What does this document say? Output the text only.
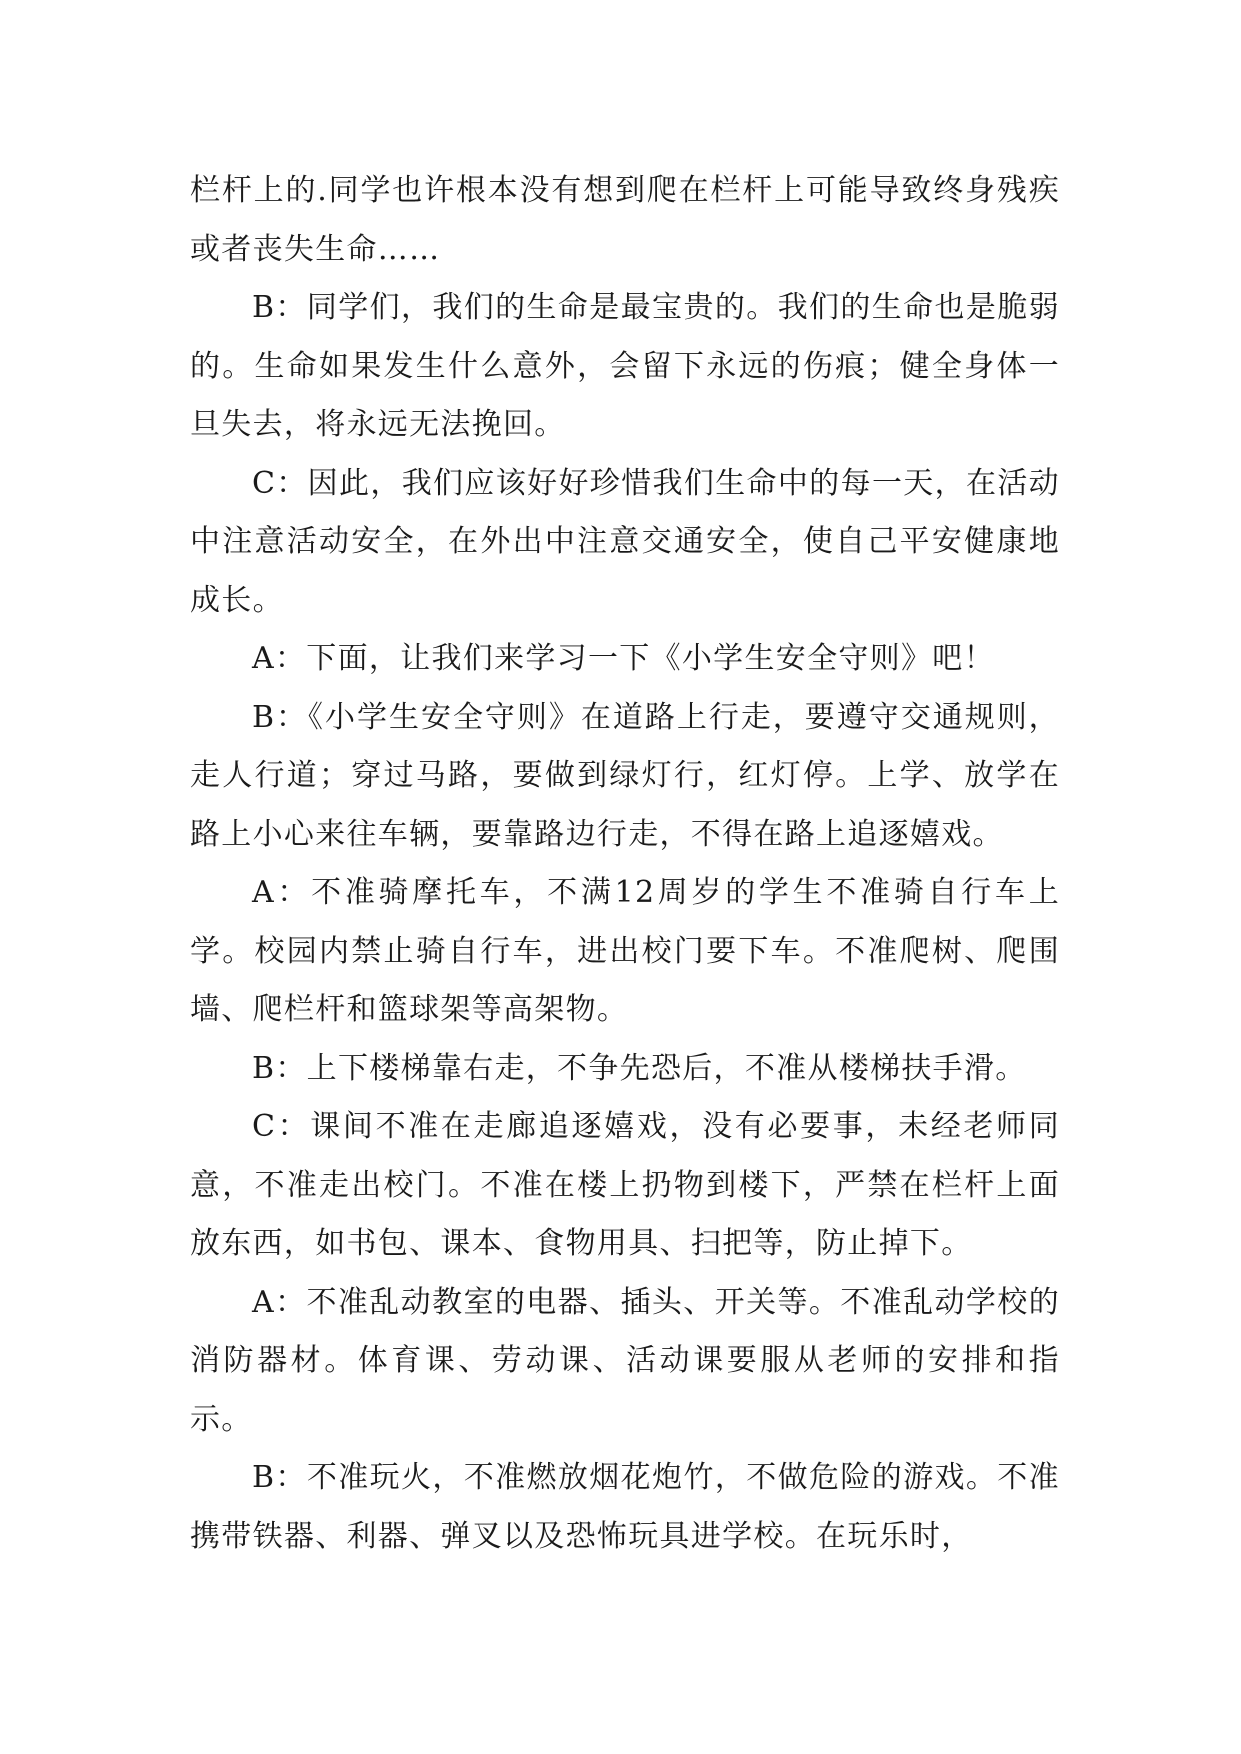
栏杆上的.同学也许根本没有想到爬在栏杆上可能导致终身残疾或者丧失生命……

B：同学们，我们的生命是最宝贵的。我们的生命也是脆弱的。生命如果发生什么意外，会留下永远的伤痕；健全身体一旦失去，将永远无法挽回。

C：因此，我们应该好好珍惜我们生命中的每一天，在活动中注意活动安全，在外出中注意交通安全，使自己平安健康地成长。

A：下面，让我们来学习一下《小学生安全守则》吧！

B：《小学生安全守则》在道路上行走，要遵守交通规则，走人行道；穿过马路，要做到绿灯行，红灯停。上学、放学在路上小心来往车辆，要靠路边行走，不得在路上追逐嬉戏。

A：不准骑摩托车，不满12周岁的学生不准骑自行车上学。校园内禁止骑自行车，进出校门要下车。不准爬树、爬围墙、爬栏杆和篮球架等高架物。

B：上下楼梯靠右走，不争先恐后，不准从楼梯扶手滑。

C：课间不准在走廊追逐嬉戏，没有必要事，未经老师同意，不准走出校门。不准在楼上扔物到楼下，严禁在栏杆上面放东西，如书包、课本、食物用具、扫把等，防止掉下。

A：不准乱动教室的电器、插头、开关等。不准乱动学校的消防器材。体育课、劳动课、活动课要服从老师的安排和指示。

B：不准玩火，不准燃放烟花炮竹，不做危险的游戏。不准携带铁器、利器、弹叉以及恐怖玩具进学校。在玩乐时，
